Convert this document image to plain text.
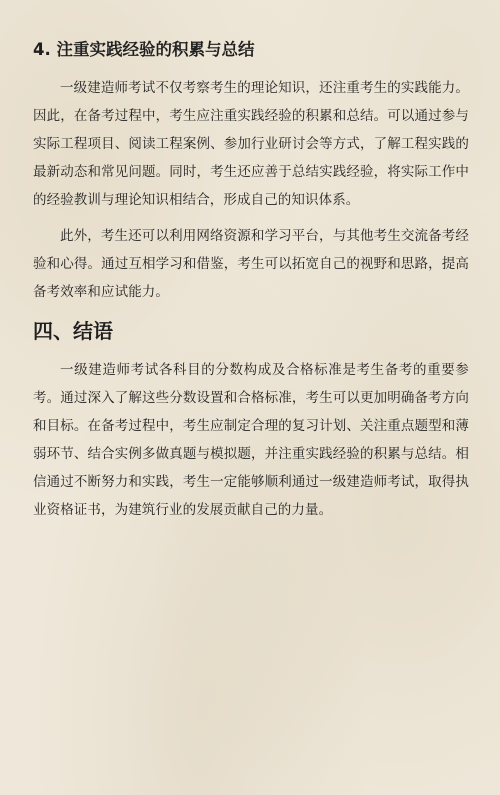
4. 注重实践经验的积累与总结

一级建造师考试不仅考察考生的理论知识，还注重考生的实践能力。因此，在备考过程中，考生应注重实践经验的积累和总结。可以通过参与实际工程项目、阅读工程案例、参加行业研讨会等方式，了解工程实践的最新动态和常见问题。同时，考生还应善于总结实践经验，将实际工作中的经验教训与理论知识相结合，形成自己的知识体系。

此外，考生还可以利用网络资源和学习平台，与其他考生交流备考经验和心得。通过互相学习和借鉴，考生可以拓宽自己的视野和思路，提高备考效率和应试能力。

四、结语

一级建造师考试各科目的分数构成及合格标准是考生备考的重要参考。通过深入了解这些分数设置和合格标准，考生可以更加明确备考方向和目标。在备考过程中，考生应制定合理的复习计划、关注重点题型和薄弱环节、结合实例多做真题与模拟题，并注重实践经验的积累与总结。相信通过不断努力和实践，考生一定能够顺利通过一级建造师考试，取得执业资格证书，为建筑行业的发展贡献自己的力量。
